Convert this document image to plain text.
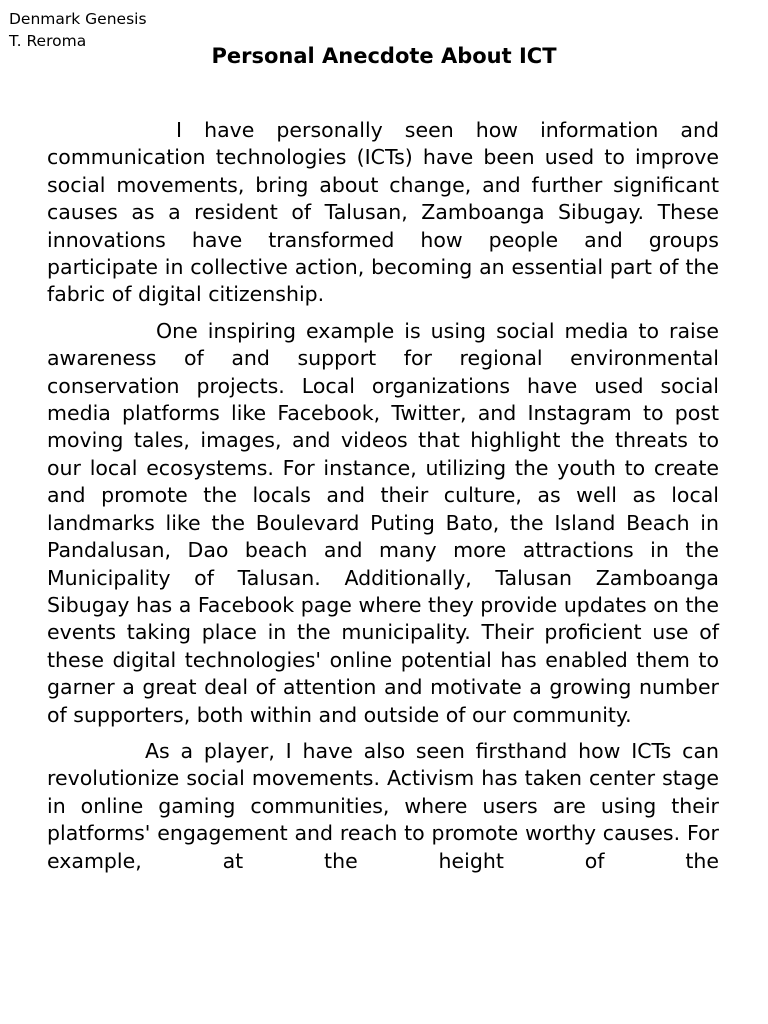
Denmark Genesis
T. Reroma
Personal Anecdote About ICT

I have personally seen how information and communication technologies (ICTs) have been used to improve social movements, bring about change, and further significant causes as a resident of Talusan, Zamboanga Sibugay. These innovations have transformed how people and groups participate in collective action, becoming an essential part of the fabric of digital citizenship.

One inspiring example is using social media to raise awareness of and support for regional environmental conservation projects. Local organizations have used social media platforms like Facebook, Twitter, and Instagram to post moving tales, images, and videos that highlight the threats to our local ecosystems. For instance, utilizing the youth to create and promote the locals and their culture, as well as local landmarks like the Boulevard Puting Bato, the Island Beach in Pandalusan, Dao beach and many more attractions in the Municipality of Talusan. Additionally, Talusan Zamboanga Sibugay has a Facebook page where they provide updates on the events taking place in the municipality. Their proficient use of these digital technologies' online potential has enabled them to garner a great deal of attention and motivate a growing number of supporters, both within and outside of our community.

As a player, I have also seen firsthand how ICTs can revolutionize social movements. Activism has taken center stage in online gaming communities, where users are using their platforms' engagement and reach to promote worthy causes. For example, at the height of the
